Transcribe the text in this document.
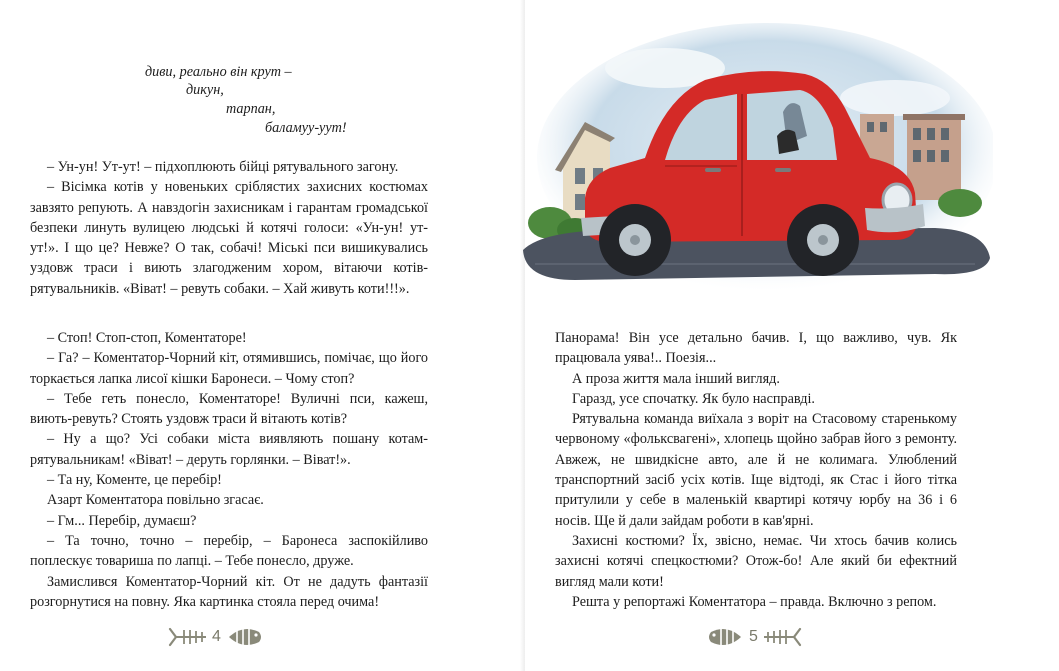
диви, реально він крут –
дикун,
тарпан,
баламуу-уут!

– Ун-ун! Ут-ут! – підхоплюють бійці рятувального загону.

– Вісімка котів у новеньких сріблястих захисних костюмах завзято репують. А навздогін захисникам і гарантам громадської безпеки линуть вулицею людські й котячі голоси: «Ун-ун! ут-ут!». І що це? Невже? О так, собачі! Міські пси вишикувались уздовж траси і виють злагодженим хором, вітаючи котів-рятувальників. «Віват! – ревуть собаки. – Хай живуть коти!!!».

– Стоп! Стоп-стоп, Коментаторе!

– Га? – Коментатор-Чорний кіт, отямившись, помічає, що його торкається лапка лисої кішки Баронеси. – Чому стоп?

– Тебе геть понесло, Коментаторе! Вуличні пси, кажеш, виють-ревуть? Стоять уздовж траси й вітають котів?

– Ну а що? Усі собаки міста виявляють пошану котам-рятувальникам! «Віват! – деруть горлянки. – Віват!».

– Та ну, Коменте, це перебір!

Азарт Коментатора повільно згасає.

– Гм... Перебір, думаєш?

– Та точно, точно – перебір, – Баронеса заспокійливо поплескує товариша по лапці. – Тебе понесло, друже.

Замислився Коментатор-Чорний кіт. От не дадуть фантазії розгорнутися на повну. Яка картинка стояла перед очима!

4

Панорама! Він усе детально бачив. І, що важливо, чув. Як працювала уява!.. Поезія...

А проза життя мала інший вигляд.

Гаразд, усе спочатку. Як було насправді.

Рятувальна команда виїхала з воріт на Стасовому старенькому червоному «фольксвагені», хлопець щойно забрав його з ремонту. Авжеж, не швидкісне авто, але й не колимага. Улюблений транспортний засіб усіх котів. Іще відтоді, як Стас і його тітка притулили у себе в маленькій квартирі котячу юрбу на 36 і 6 носів. Ще й дали зайдам роботи в кав'ярні.

Захисні костюми? Їх, звісно, немає. Чи хтось бачив колись захисні котячі спецкостюми? Отож-бо! Але який би ефектний вигляд мали коти!

Решта у репортажі Коментатора – правда. Включно з репом.

5
